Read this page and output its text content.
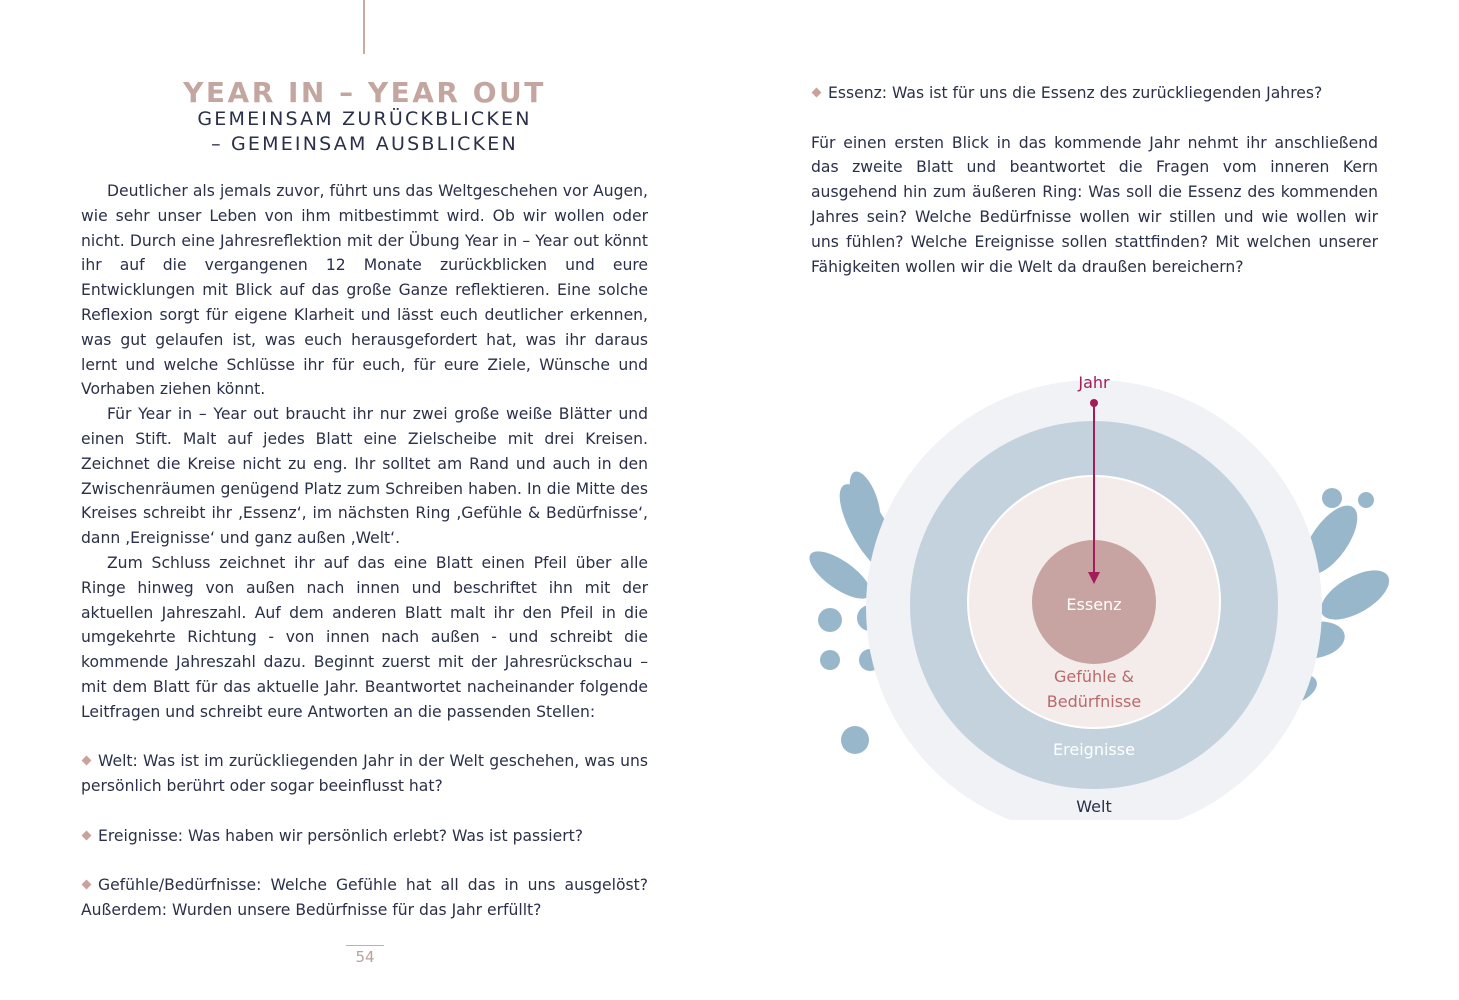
YEAR IN – YEAR OUT
GEMEINSAM ZURÜCKBLICKEN
– GEMEINSAM AUSBLICKEN

Deutlicher als jemals zuvor, führt uns das Weltgeschehen vor Augen, wie sehr unser Leben von ihm mitbestimmt wird. Ob wir wollen oder nicht. Durch eine Jahresreflektion mit der Übung Year in – Year out könnt ihr auf die vergangenen 12 Monate zurückblicken und eure Entwicklungen mit Blick auf das große Ganze reflektieren. Eine solche Reflexion sorgt für eigene Klarheit und lässt euch deutlicher erkennen, was gut gelaufen ist, was euch herausgefordert hat, was ihr daraus lernt und welche Schlüsse ihr für euch, für eure Ziele, Wünsche und Vorhaben ziehen könnt.

Für Year in – Year out braucht ihr nur zwei große weiße Blätter und einen Stift. Malt auf jedes Blatt eine Zielscheibe mit drei Kreisen. Zeichnet die Kreise nicht zu eng. Ihr solltet am Rand und auch in den Zwischenräumen genügend Platz zum Schreiben haben. In die Mitte des Kreises schreibt ihr ‚Essenz‘, im nächsten Ring ‚Gefühle & Bedürfnisse‘, dann ‚Ereignisse‘ und ganz außen ‚Welt‘.

Zum Schluss zeichnet ihr auf das eine Blatt einen Pfeil über alle Ringe hinweg von außen nach innen und beschriftet ihn mit der aktuellen Jahreszahl. Auf dem anderen Blatt malt ihr den Pfeil in die umgekehrte Richtung - von innen nach außen - und schreibt die kommende Jahreszahl dazu. Beginnt zuerst mit der Jahresrückschau – mit dem Blatt für das aktuelle Jahr. Beantwortet nacheinander folgende Leitfragen und schreibt eure Antworten an die passenden Stellen:

Welt: Was ist im zurückliegenden Jahr in der Welt geschehen, was uns persönlich berührt oder sogar beeinflusst hat?

Ereignisse: Was haben wir persönlich erlebt? Was ist passiert?

Gefühle/Bedürfnisse: Welche Gefühle hat all das in uns ausgelöst? Außerdem: Wurden unsere Bedürfnisse für das Jahr erfüllt?

Essenz: Was ist für uns die Essenz des zurückliegenden Jahres?

Für einen ersten Blick in das kommende Jahr nehmt ihr anschließend das zweite Blatt und beantwortet die Fragen vom inneren Kern ausgehend hin zum äußeren Ring: Was soll die Essenz des kommenden Jahres sein? Welche Bedürfnisse wollen wir stillen und wie wollen wir uns fühlen? Welche Ereignisse sollen stattfinden? Mit welchen unserer Fähigkeiten wollen wir die Welt da draußen bereichern?

Jahr
Essenz
Gefühle &
Bedürfnisse
Ereignisse
Welt
54
